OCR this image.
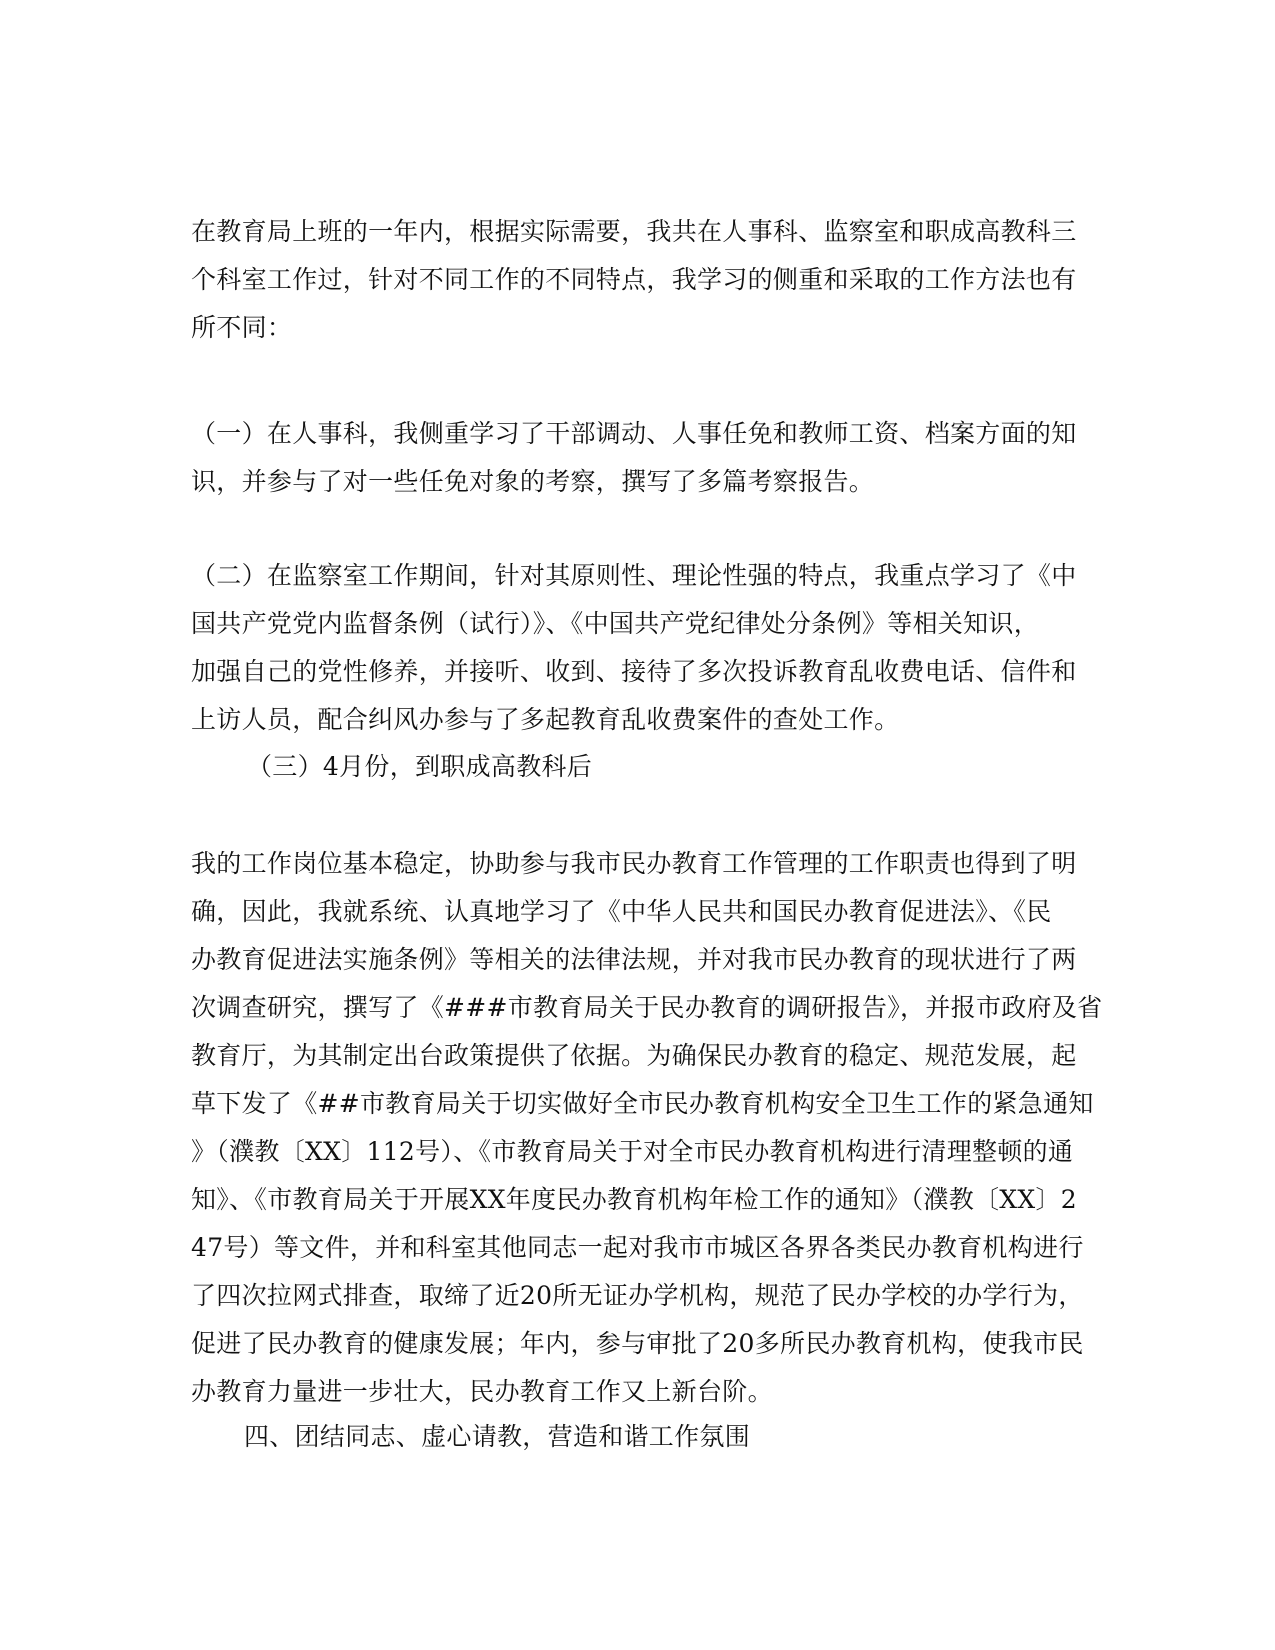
在教育局上班的一年内，根据实际需要，我共在人事科、监察室和职成高教科三
个科室工作过，针对不同工作的不同特点，我学习的侧重和采取的工作方法也有
所不同：
（一）在人事科，我侧重学习了干部调动、人事任免和教师工资、档案方面的知
识，并参与了对一些任免对象的考察，撰写了多篇考察报告。
（二）在监察室工作期间，针对其原则性、理论性强的特点，我重点学习了《中
国共产党党内监督条例（试行）》、《中国共产党纪律处分条例》等相关知识，
加强自己的党性修养，并接听、收到、接待了多次投诉教育乱收费电话、信件和
上访人员，配合纠风办参与了多起教育乱收费案件的查处工作。
（三）4月份，到职成高教科后
我的工作岗位基本稳定，协助参与我市民办教育工作管理的工作职责也得到了明
确，因此，我就系统、认真地学习了《中华人民共和国民办教育促进法》、《民
办教育促进法实施条例》等相关的法律法规，并对我市民办教育的现状进行了两
次调查研究，撰写了《###市教育局关于民办教育的调研报告》，并报市政府及省
教育厅，为其制定出台政策提供了依据。为确保民办教育的稳定、规范发展，起
草下发了《##市教育局关于切实做好全市民办教育机构安全卫生工作的紧急通知
》（濮教〔XX〕112号）、《市教育局关于对全市民办教育机构进行清理整顿的通
知》、《市教育局关于开展XX年度民办教育机构年检工作的通知》（濮教〔XX〕2
47号）等文件，并和科室其他同志一起对我市市城区各界各类民办教育机构进行
了四次拉网式排查，取缔了近20所无证办学机构，规范了民办学校的办学行为，
促进了民办教育的健康发展；年内，参与审批了20多所民办教育机构，使我市民
办教育力量进一步壮大，民办教育工作又上新台阶。
四、团结同志、虚心请教，营造和谐工作氛围
